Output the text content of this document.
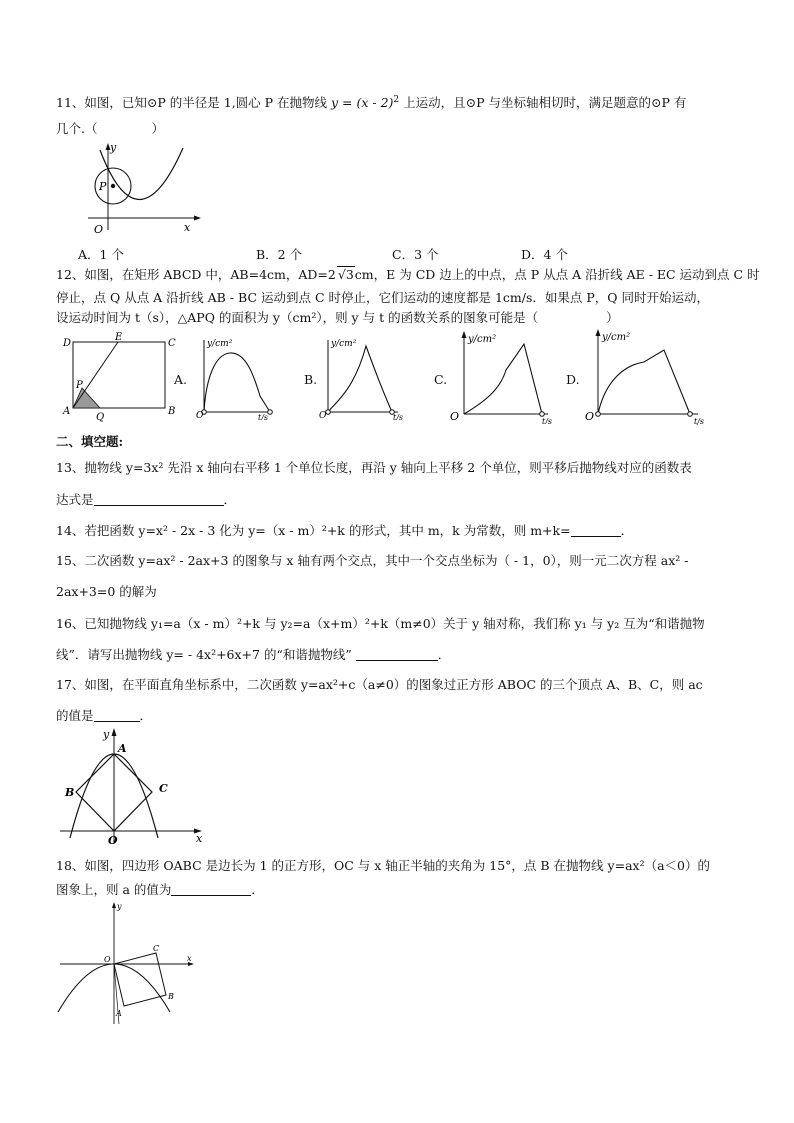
11、如图，已知⊙P 的半径是 1,圆心 P 在抛物线 y = (x - 2)$^2$ 上运动，且⊙P 与坐标轴相切时，满足题意的⊙P 有
几个.（	）
y
x
O
P
A．1 个	B．2 个	C．3 个	D．4 个
12、如图，在矩形 ABCD 中，AB=4cm，AD=2 √3cm，E 为 CD 边上的中点，点 P 从点 A 沿折线 AE - EC 运动到点 C 时
停止，点 Q 从点 A 沿折线 AB - BC 运动到点 C 时停止，它们运动的速度都是 1cm/s．如果点 P，Q 同时开始运动，
设运动时间为 t（s），△APQ 的面积为 y（cm²），则 y 与 t 的函数关系的图象可能是（	）
D
E
C
P
A
Q
B
A.
y/cm²
t/s
O
B.
y/cm²
t/s
O
C.
y/cm²
t/s
O
D.
y/cm²
t/s
O
二、填空题:
13、抛物线 y=3x² 先沿 x 轴向右平移 1 个单位长度，再沿 y 轴向上平移 2 个单位，则平移后抛物线对应的函数表
达式是	．
14、若把函数 y=x² - 2x - 3 化为 y=（x - m）²+k 的形式，其中 m，k 为常数，则 m+k=	．
15、二次函数 y=ax² - 2ax+3 的图象与 x 轴有两个交点，其中一个交点坐标为（ - 1，0），则一元二次方程 ax² -
2ax+3=0 的解为
16、已知抛物线 y₁=a（x - m）²+k 与 y₂=a（x+m）²+k（m≠0）关于 y 轴对称，我们称 y₁ 与 y₂ 互为“和谐抛物
线”．请写出抛物线 y= - 4x²+6x+7 的“和谐抛物线”	．
17、如图，在平面直角坐标系中，二次函数 y=ax²+c（a≠0）的图象过正方形 ABOC 的三个顶点 A、B、C，则 ac
的值是	．
y
x
A
B	C
O
18、如图，四边形 OABC 是边长为 1 的正方形，OC 与 x 轴正半轴的夹角为 15°，点 B 在抛物线 y=ax²（a＜0）的
图象上，则 a 的值为	．
y
x
O
C
B
A
